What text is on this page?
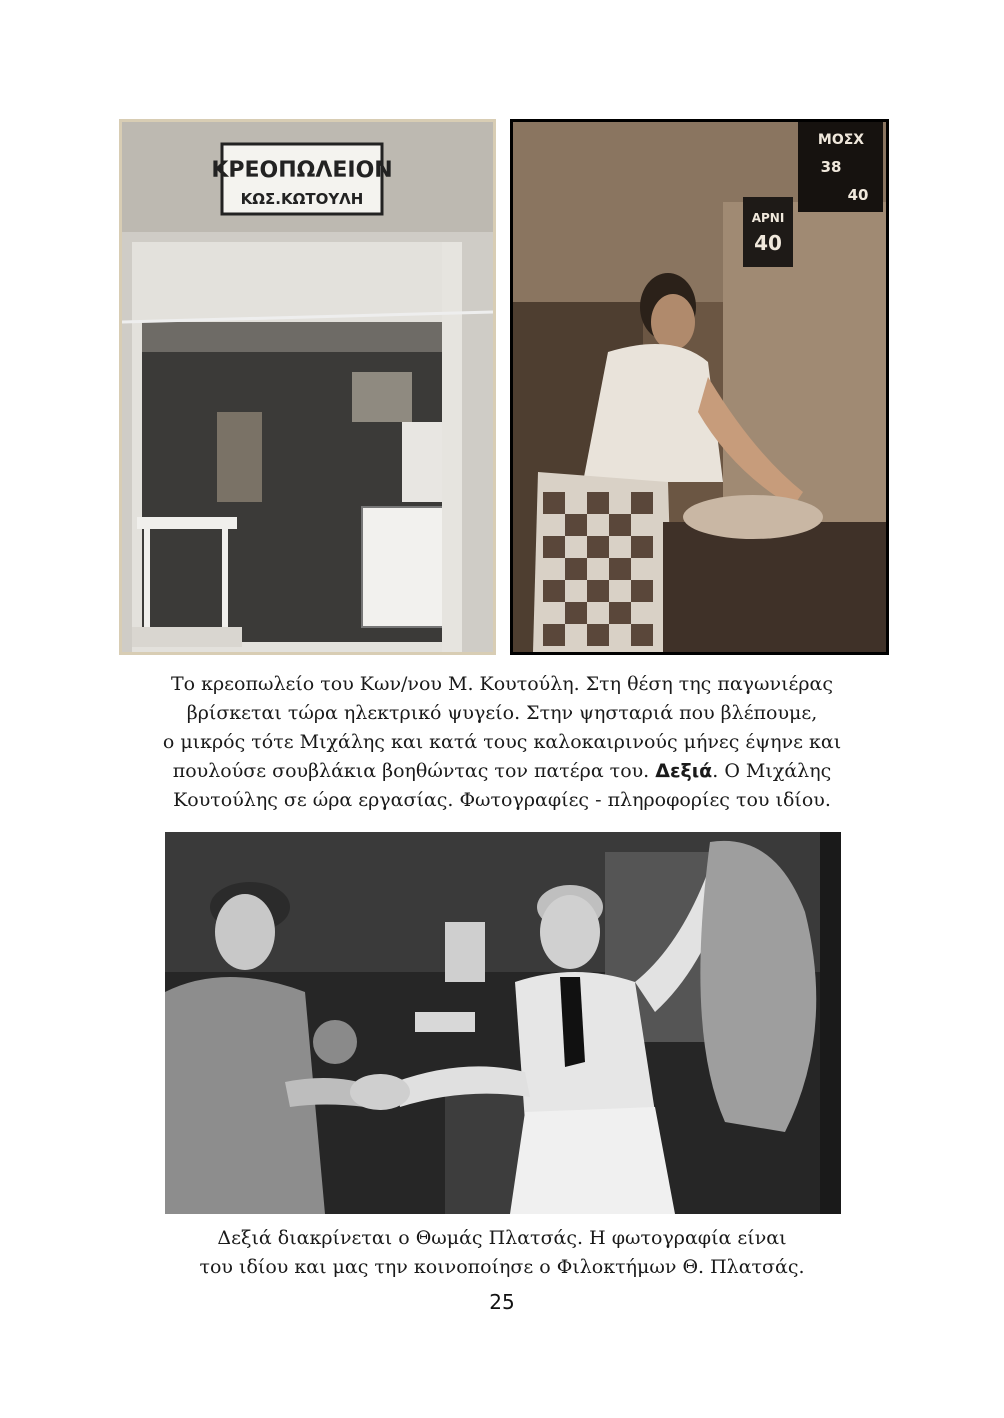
ΚΡΕΟΠΩΛΕΙΟΝ
ΚΩΣ.ΚΩΤΟΥΛΗ
ΑΡΝΙ
40
ΜΟΣΧ
38
40

Το κρεοπωλείο του Κων/νου Μ. Κουτούλη. Στη θέση της παγωνιέρας
βρίσκεται τώρα ηλεκτρικό ψυγείο. Στην ψησταριά που βλέπουμε,
ο μικρός τότε Μιχάλης και κατά τους καλοκαιρινούς μήνες έψηνε και
πουλούσε σουβλάκια βοηθώντας τον πατέρα του. Δεξιά. Ο Μιχάλης
Κουτούλης σε ώρα εργασίας. Φωτογραφίες - πληροφορίες του ιδίου.

Δεξιά διακρίνεται ο Θωμάς Πλατσάς. Η φωτογραφία είναι
του ιδίου και μας την κοινοποίησε ο Φιλοκτήμων Θ. Πλατσάς.

25
